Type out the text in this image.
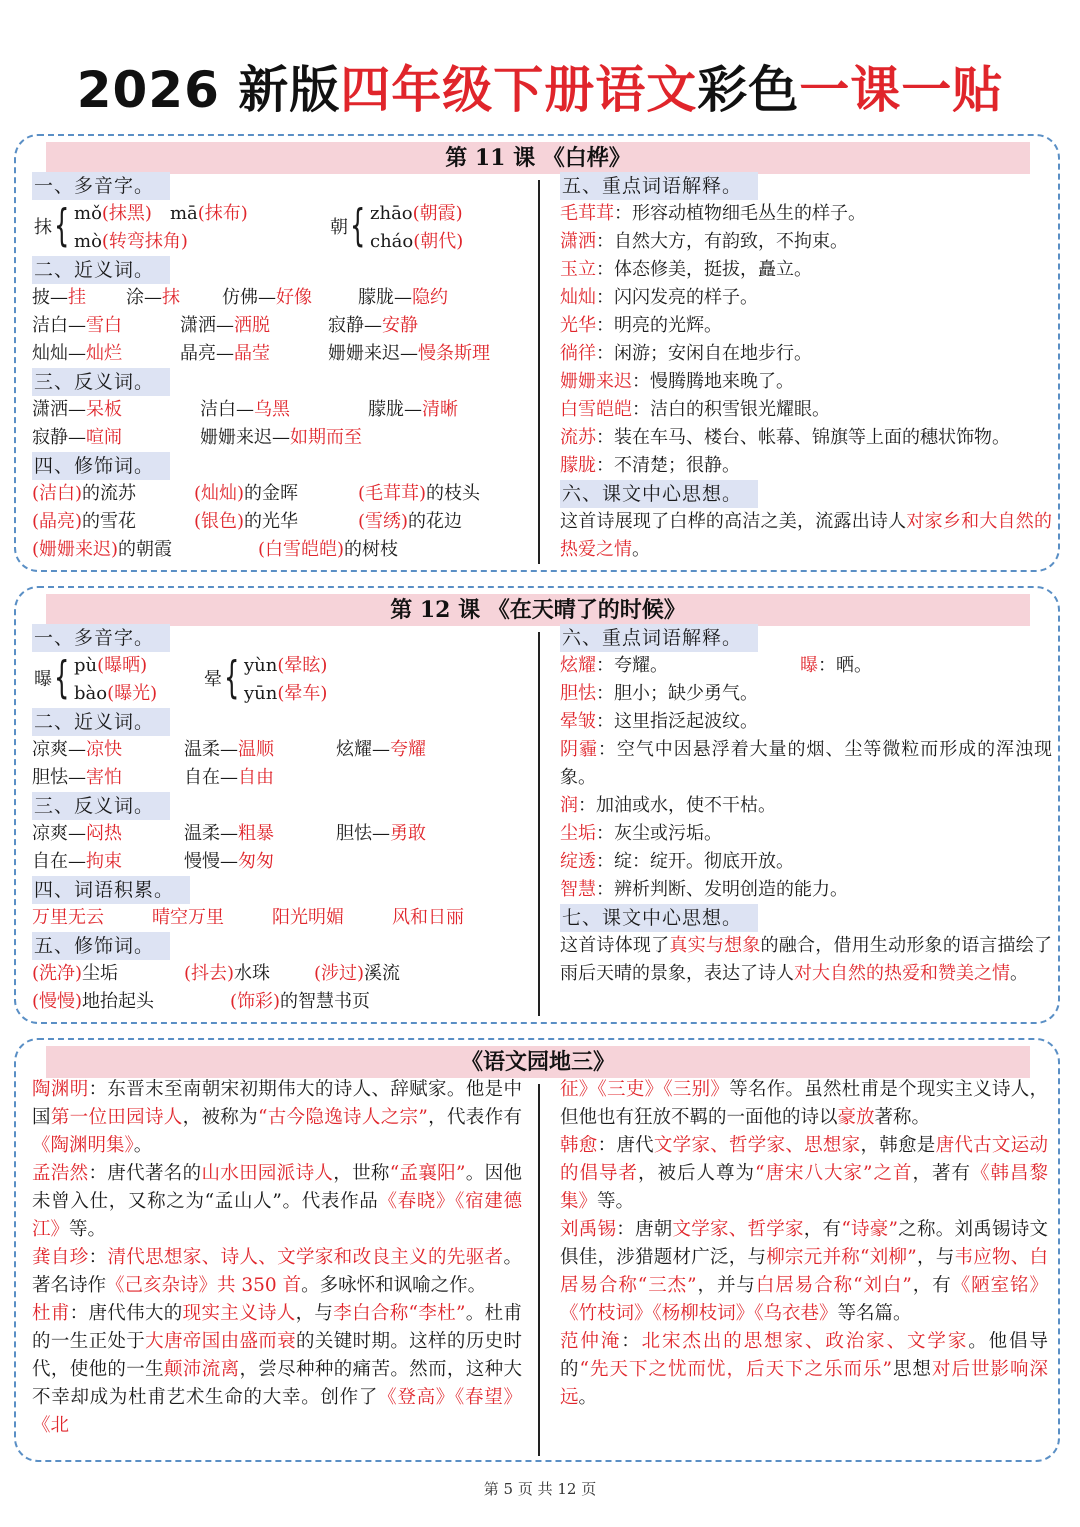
2026 新版四年级下册语文彩色一课一贴
第 11 课 《白桦》
一、多音字。
抹 { mǒ(抹黑) mā(抹布)
mò(转弯抹角)
朝 { zhāo(朝霞)
cháo(朝代)
二、近义词。
披—挂 涂—抹 仿佛—好像	朦胧—隐约
洁白—雪白	潇洒—洒脱	寂静—安静
灿灿—灿烂	晶亮—晶莹	姗姗来迟—慢条斯理
三、反义词。
潇洒—呆板	洁白—乌黑	朦胧—清晰
寂静—喧闹	姗姗来迟—如期而至
四、修饰词。
(洁白)的流苏	(灿灿)的金晖	(毛茸茸)的枝头
(晶亮)的雪花	(银色)的光华	(雪绣)的花边
(姗姗来迟)的朝霞	(白雪皑皑)的树枝
五、重点词语解释。
毛茸茸：形容动植物细毛丛生的样子。
潇洒：自然大方，有韵致，不拘束。
玉立：体态修美，挺拔，矗立。
灿灿：闪闪发亮的样子。
光华：明亮的光辉。
徜徉：闲游；安闲自在地步行。
姗姗来迟：慢腾腾地来晚了。
白雪皑皑：洁白的积雪银光耀眼。
流苏：装在车马、楼台、帐幕、锦旗等上面的穗状饰物。
朦胧：不清楚；很静。
六、课文中心思想。
这首诗展现了白桦的高洁之美，流露出诗人对家乡和大自然的热爱之情。
第 12 课 《在天晴了的时候》
一、多音字。
曝 { pù(曝晒)
bào(曝光)
晕 { yùn(晕眩)
yūn(晕车)
二、近义词。
凉爽—凉快	温柔—温顺	炫耀—夸耀
胆怯—害怕	自在—自由
三、反义词。
凉爽—闷热	温柔—粗暴	胆怯—勇敢
自在—拘束	慢慢—匆匆
四、词语积累。
万里无云	晴空万里	阳光明媚	风和日丽
五、修饰词。
(洗净)尘垢	(抖去)水珠 (涉过)溪流
(慢慢)地抬起头	(饰彩)的智慧书页
六、重点词语解释。
炫耀：夸耀。	曝：晒。
胆怯：胆小；缺少勇气。
晕皱：这里指泛起波纹。
阴霾：空气中因悬浮着大量的烟、尘等微粒而形成的浑浊现象。
润：加油或水，使不干枯。
尘垢：灰尘或污垢。
绽透：绽：绽开。彻底开放。
智慧：辨析判断、发明创造的能力。
七、课文中心思想。
这首诗体现了真实与想象的融合，借用生动形象的语言描绘了雨后天晴的景象，表达了诗人对大自然的热爱和赞美之情。
《语文园地三》
陶渊明：东晋末至南朝宋初期伟大的诗人、辞赋家。他是中国第一位田园诗人，被称为“古今隐逸诗人之宗”，代表作有《陶渊明集》。
孟浩然：唐代著名的山水田园派诗人，世称“孟襄阳”。因他未曾入仕，又称之为“孟山人”。代表作品《春晓》《宿建德江》等。
龚自珍：清代思想家、诗人、文学家和改良主义的先驱者。著名诗作《己亥杂诗》共 350 首。多咏怀和讽喻之作。
杜甫：唐代伟大的现实主义诗人，与李白合称“李杜”。杜甫的一生正处于大唐帝国由盛而衰的关键时期。这样的历史时代，使他的一生颠沛流离，尝尽种种的痛苦。然而，这种大不幸却成为杜甫艺术生命的大幸。创作了《登高》《春望》《北
征》《三吏》《三别》等名作。虽然杜甫是个现实主义诗人，但他也有狂放不羁的一面他的诗以豪放著称。
韩愈：唐代文学家、哲学家、思想家，韩愈是唐代古文运动的倡导者，被后人尊为“唐宋八大家”之首，著有《韩昌黎集》等。
刘禹锡：唐朝文学家、哲学家，有“诗豪”之称。刘禹锡诗文俱佳，涉猎题材广泛，与柳宗元并称“刘柳”，与韦应物、白居易合称“三杰”，并与白居易合称“刘白”，有《陋室铭》《竹枝词》《杨柳枝词》《乌衣巷》等名篇。
范仲淹：北宋杰出的思想家、政治家、文学家。他倡导的“先天下之忧而忧，后天下之乐而乐”思想对后世影响深远。
第 5 页 共 12 页
